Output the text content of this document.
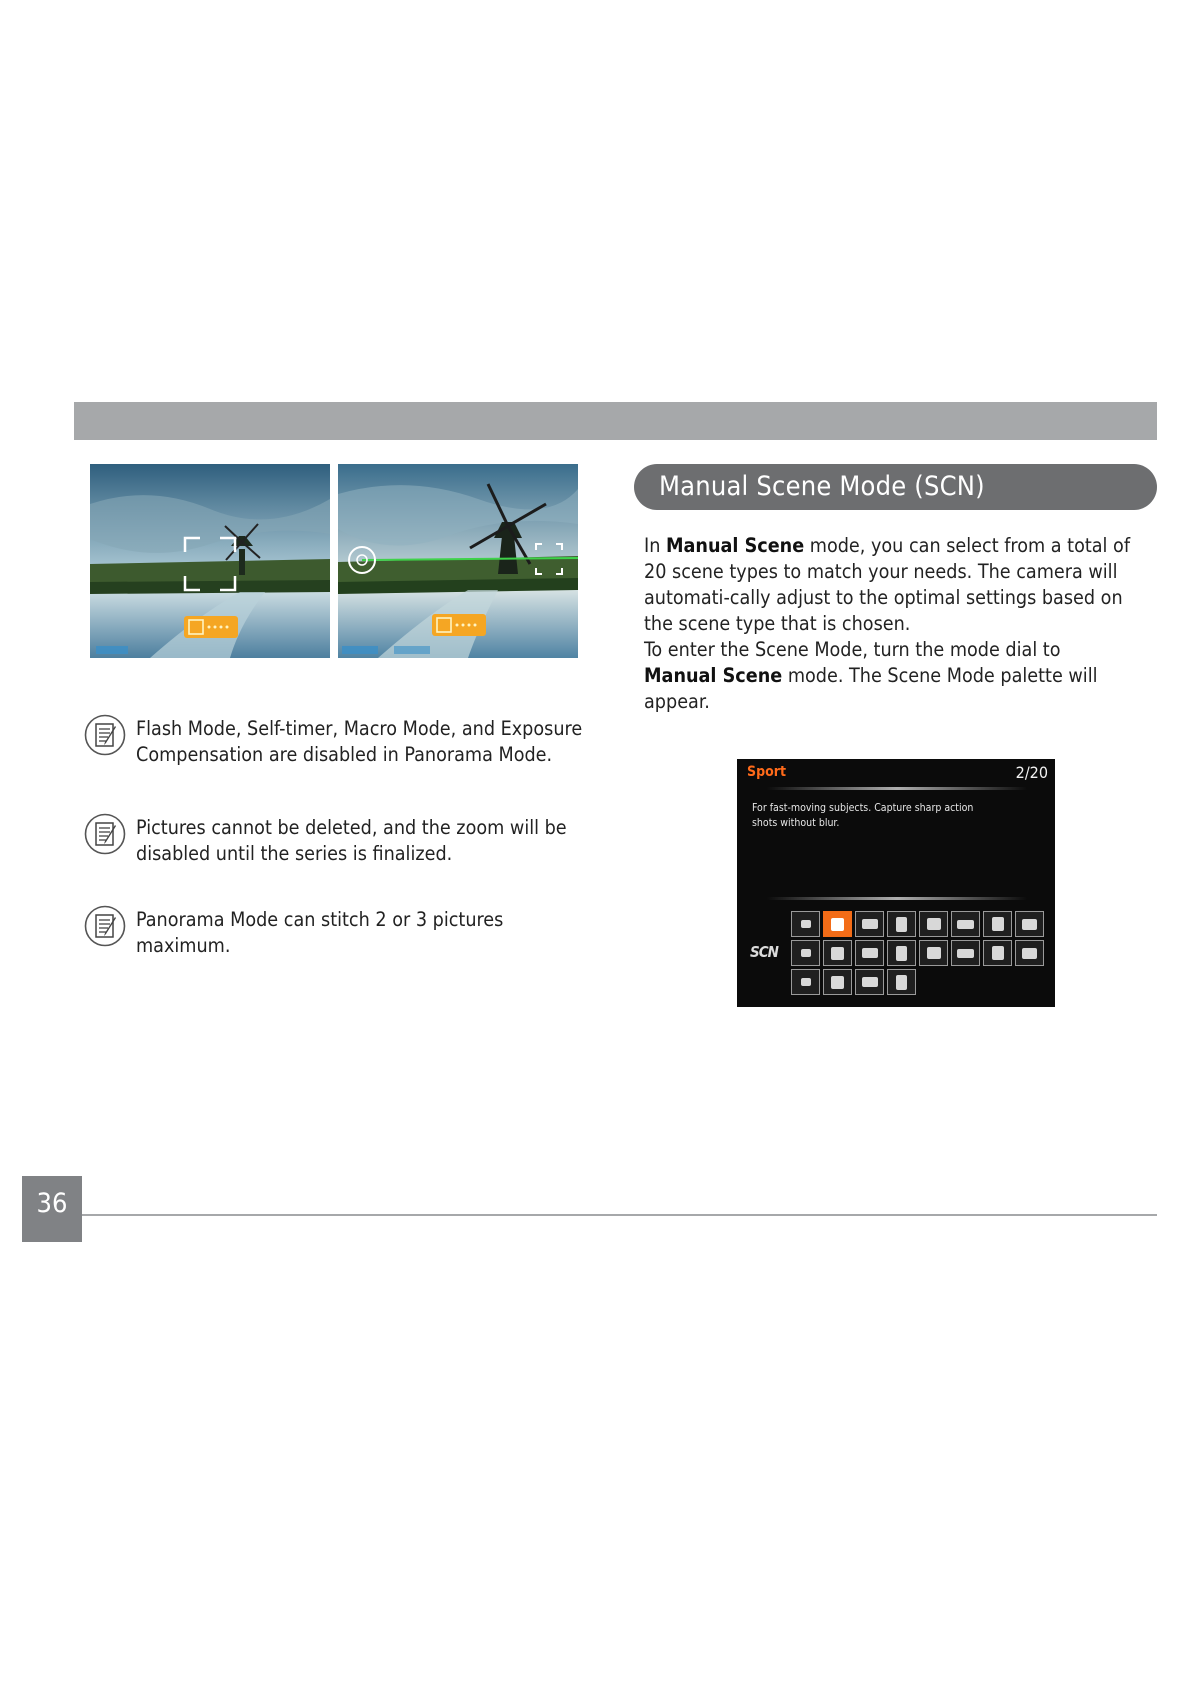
Manual Scene Mode (SCN)

In Manual Scene mode, you can select from a total of 20 scene types to match your needs. The camera will automati-cally adjust to the optimal settings based on the scene type that is chosen.

To enter the Scene Mode, turn the mode dial to Manual Scene mode. The Scene Mode palette will appear.

Flash Mode, Self-timer, Macro Mode, and Exposure Compensation are disabled in Panorama Mode.
Pictures cannot be deleted, and the zoom will be disabled until the series is finalized.
Panorama Mode can stitch 2 or 3 pictures maximum.
Sport	2/20
For fast-moving subjects. Capture sharp action shots without blur.
SCN
36
